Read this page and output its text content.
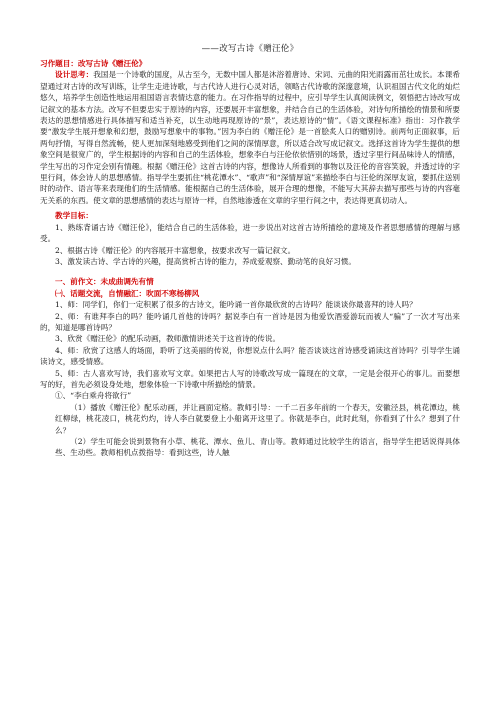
——改写古诗《赠汪伦》

习作题目：改写古诗《赠汪伦》

设计思考：我国是一个诗歌的国度，从古至今，无数中国人都是沐浴着唐诗、宋词、元曲的阳光雨露而茁壮成长。本课希望通过对古诗的改写训练，让学生走进诗歌，与古代诗人进行心灵对话，领略古代诗歌的深邃意境，认识祖国古代文化的灿烂悠久，培养学生创造性地运用祖国语言表情达意的能力。在习作指导的过程中，应引导学生认真阅读例文，领悟把古诗改写成记叙文的基本方法。改写不但要忠实于原诗的内容，还要展开丰富想象，并结合自己的生活体验，对诗句所描绘的情景和所要表达的思想情感进行具体描写和适当补充，以生动地再现原诗的“景”，表达原诗的“情”。《语文课程标准》指出：习作教学要“激发学生展开想象和幻想，鼓励写想象中的事物。”因为李白的《赠汪伦》是一首脍炙人口的赠别诗。前两句正面叙事，后两句抒情，写得自然流畅，使人更加深刻地感受到他们之间的深情厚意，所以适合改写成记叙文。选择这首诗为学生提供的想象空间是很宽广的，学生根据诗的内容和自己的生活体验，想象李白与汪伦依依惜别的场景，透过字里行间品味诗人的情感，学生写出的习作定会别有情趣。根据《赠汪伦》这首古诗的内容，想像诗人所看到的事物以及汪伦的音容笑貌，并透过诗的字里行间，体会诗人的思想感情。指导学生要抓住“桃花潭水”、“歌声”和“深情厚谊”来描绘李白与汪伦的深厚友谊，要抓住送别时的动作、语言等来表现他们的生活情感。能根据自己的生活体验，展开合理的想像，不能写大其辞去描写那些与诗的内容毫无关系的东西。使文章的思想感情的表达与原诗一样，自然地渗透在文章的字里行间之中，表达得更真切动人。

教学目标：

1、熟练背诵古诗《赠汪伦》，能结合自己的生活体验，进一步说出对这首古诗所描绘的意境及作者思想感情的理解与感受。

2、根据古诗《赠汪伦》的内容展开丰富想象，按要求改写一篇记叙文。

3、激发读古诗、学古诗的兴趣，提高赏析古诗的能力，养成爱观察、勤动笔的良好习惯。

一、前作文：未成曲调先有情

㈠、话题交流，自情融汇：吹面不寒杨柳风

1、师：同学们，你们一定积累了很多的古诗文，能吟诵一首你最欣赏的古诗吗？能谈谈你最喜拜的诗人吗？

2、师：有谁拜李白的吗？能吟诵几首他的诗吗？据说李白有一首诗是因为他爱饮酒爱游玩而被人“骗”了一次才写出来的，知道是哪首诗吗？

3、欣赏《赠汪伦》的配乐动画，教师激情讲述关于这首诗的传说。

4、师：欣赏了这感人的场面，聆听了这美丽的传说，你想说点什么吗？能否谈谈这首诗感受诵读这首诗吗？引导学生诵读诗文，感受情感。

5、师：古人喜欢写诗，我们喜欢写文章。如果把古人写的诗歌改写成一篇现在的文章，一定是会很开心的事儿。而要想写的好，首先必须设身处地，想象体验一下诗歌中所描绘的情景。

①、“李白乘舟将欲行”

（1）播放《赠汪伦》配乐动画，并让画面定格。教师引导：一千二百多年前的一个春天，安徽泾县，桃花潭边，桃红柳绿，桃花凌口，桃花灼灼，诗人李白就要登上小船离开这里了。你就是李白，此时此刻，你看到了什么？想到了什么？

（2）学生可能会说到景物有小草、桃花、潭水、鱼儿、青山等。教师通过比较学生的语言，指导学生把话说得具体些、生动些。教师相机点拨指导：看到这些，诗人触
